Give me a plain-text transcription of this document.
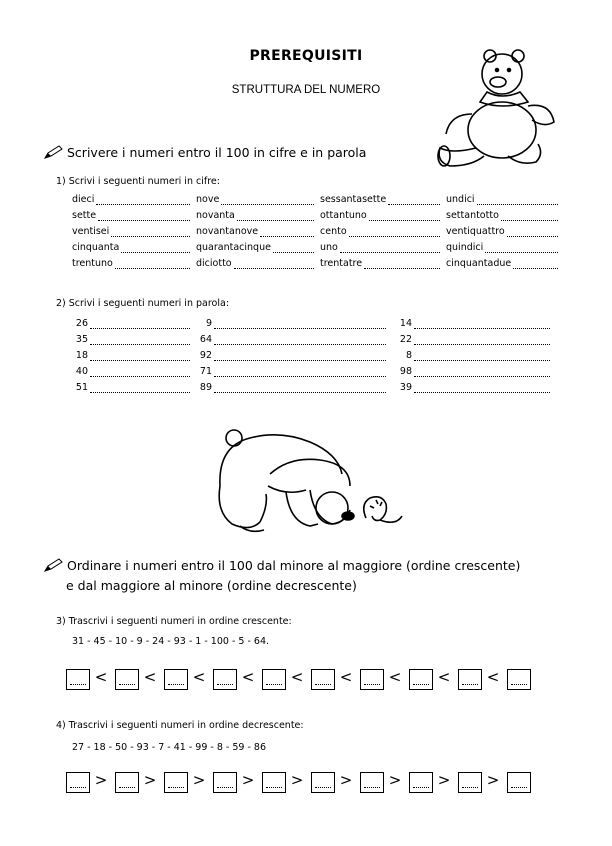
PREREQUISITI
STRUTTURA DEL NUMERO
Scrivere i numeri entro il 100 in cifre e in parola
1) Scrivi i seguenti numeri in cifre:
dieci
sette
ventisei
cinquanta
trentuno
nove
novanta
novantanove
quarantacinque
diciotto
sessantasette
ottantuno
cento
uno
trentatre
undici
settantotto
ventiquattro
quindici
cinquantadue
2) Scrivi i seguenti numeri in parola:
26
35
18
40
51
9
64
92
71
89
14
22
8
98
39
Ordinare i numeri entro il 100 dal minore al maggiore (ordine crescente)
e dal maggiore al minore (ordine decrescente)
3) Trascrivi i seguenti numeri in ordine crescente:
31 - 45 - 10 - 9 - 24 - 93 - 1 - 100 - 5 - 64.
< < < < < < < < <
4) Trascrivi i seguenti numeri in ordine decrescente:
27 - 18 - 50 - 93 - 7 - 41 - 99 - 8 - 59 - 86
> > > > > > > > >
